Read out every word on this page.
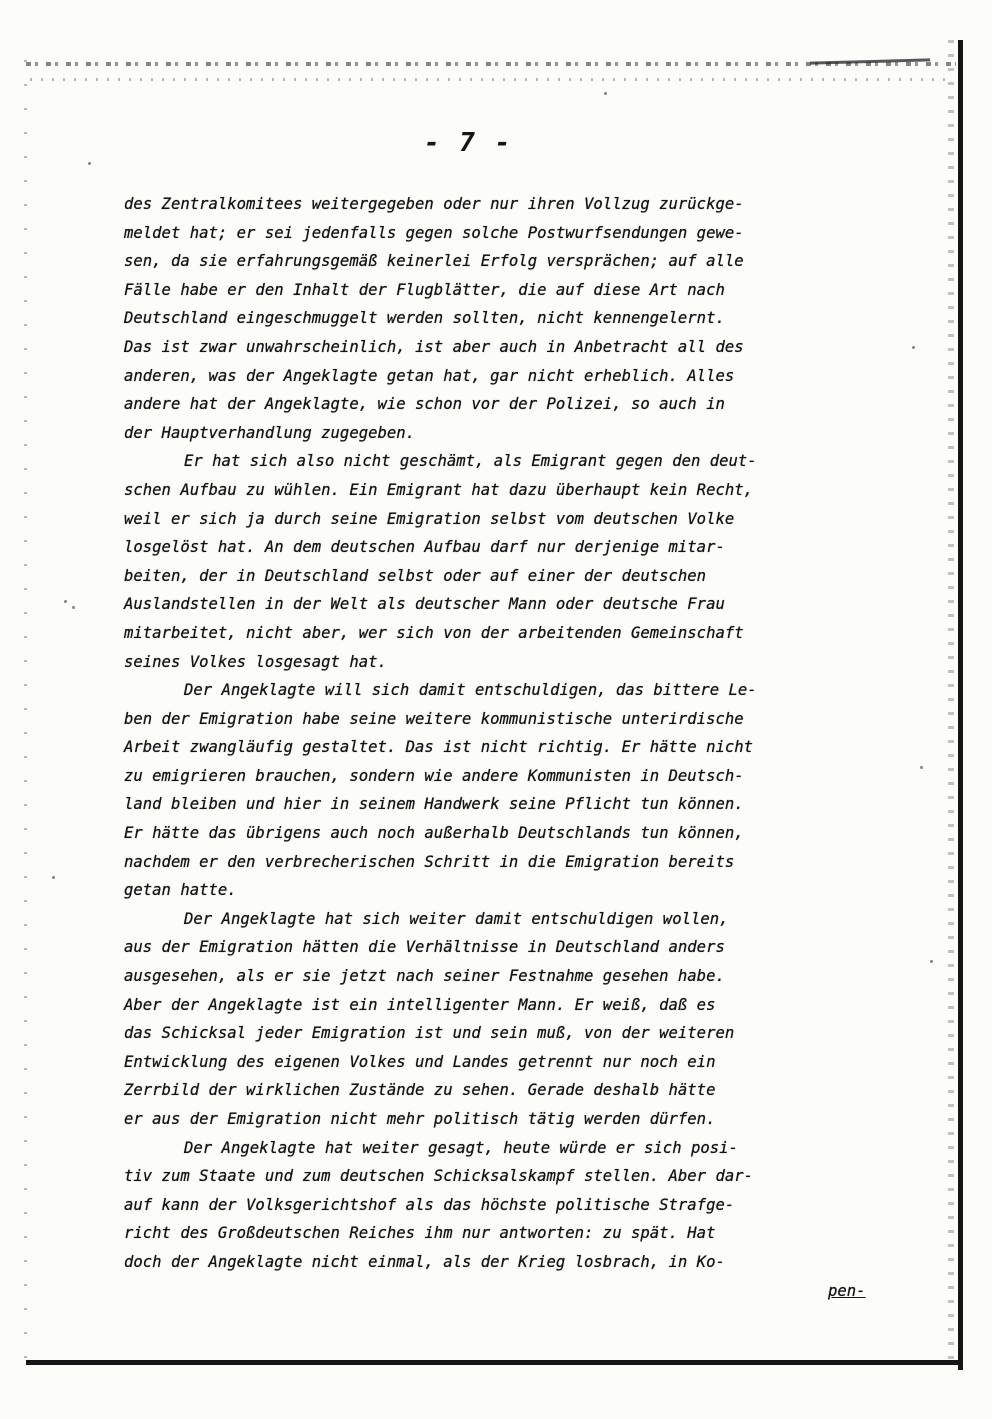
- 7 -
des Zentralkomitees weitergegeben oder nur ihren Vollzug zurückge-
meldet hat; er sei jedenfalls gegen solche Postwurfsendungen gewe-
sen, da sie erfahrungsgemäß keinerlei Erfolg versprächen; auf alle
Fälle habe er den Inhalt der Flugblätter, die auf diese Art nach
Deutschland eingeschmuggelt werden sollten, nicht kennengelernt.
Das ist zwar unwahrscheinlich, ist aber auch in Anbetracht all des
anderen, was der Angeklagte getan hat, gar nicht erheblich. Alles
andere hat der Angeklagte, wie schon vor der Polizei, so auch in
der Hauptverhandlung zugegeben.
Er hat sich also nicht geschämt, als Emigrant gegen den deut-
schen Aufbau zu wühlen. Ein Emigrant hat dazu überhaupt kein Recht,
weil er sich ja durch seine Emigration selbst vom deutschen Volke
losgelöst hat. An dem deutschen Aufbau darf nur derjenige mitar-
beiten, der in Deutschland selbst oder auf einer der deutschen
Auslandstellen in der Welt als deutscher Mann oder deutsche Frau
mitarbeitet, nicht aber, wer sich von der arbeitenden Gemeinschaft
seines Volkes losgesagt hat.
Der Angeklagte will sich damit entschuldigen, das bittere Le-
ben der Emigration habe seine weitere kommunistische unterirdische
Arbeit zwangläufig gestaltet. Das ist nicht richtig. Er hätte nicht
zu emigrieren brauchen, sondern wie andere Kommunisten in Deutsch-
land bleiben und hier in seinem Handwerk seine Pflicht tun können.
Er hätte das übrigens auch noch außerhalb Deutschlands tun können,
nachdem er den verbrecherischen Schritt in die Emigration bereits
getan hatte.
Der Angeklagte hat sich weiter damit entschuldigen wollen,
aus der Emigration hätten die Verhältnisse in Deutschland anders
ausgesehen, als er sie jetzt nach seiner Festnahme gesehen habe.
Aber der Angeklagte ist ein intelligenter Mann. Er weiß, daß es
das Schicksal jeder Emigration ist und sein muß, von der weiteren
Entwicklung des eigenen Volkes und Landes getrennt nur noch ein
Zerrbild der wirklichen Zustände zu sehen. Gerade deshalb hätte
er aus der Emigration nicht mehr politisch tätig werden dürfen.
Der Angeklagte hat weiter gesagt, heute würde er sich posi-
tiv zum Staate und zum deutschen Schicksalskampf stellen. Aber dar-
auf kann der Volksgerichtshof als das höchste politische Strafge-
richt des Großdeutschen Reiches ihm nur antworten: zu spät. Hat
doch der Angeklagte nicht einmal, als der Krieg losbrach, in Ko-
pen-
